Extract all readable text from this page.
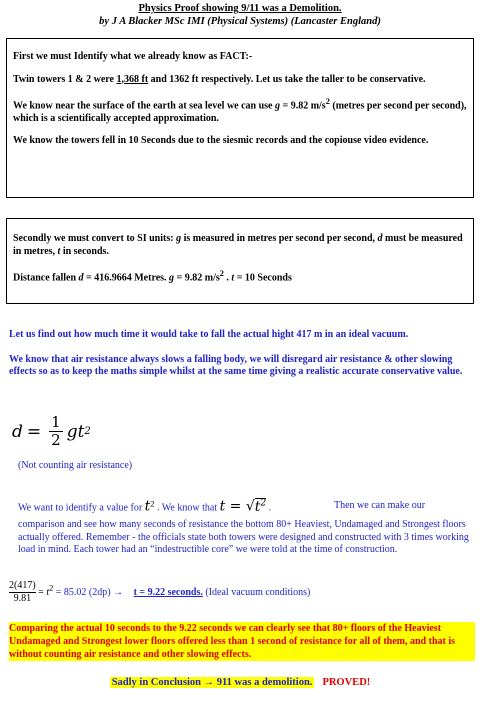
Physics Proof showing 9/11 was a Demolition.
by J A Blacker MSc IMI (Physical Systems) (Lancaster England)

First we must Identify what we already know as FACT:-

Twin towers 1 & 2 were 1,368 ft and 1362 ft respectively. Let us take the taller to be conservative.

We know near the surface of the earth at sea level we can use g = 9.82 $m/s^2$ (metres per second per second), which is a scientifically accepted approximation.

We know the towers fell in 10 Seconds due to the siesmic records and the copiouse video evidence.

Secondly we must convert to SI units: g is measured in metres per second per second, d must be measured in metres, t in seconds.

Distance fallen d = 416.9664 Metres. g = 9.82 $m/s^2$ . t = 10 Seconds

Let us find out how much time it would take to fall the actual hight 417 m in an ideal vacuum.
We know that air resistance always slows a falling body, we will disregard air resistance & other slowing effects so as to keep the maths simple whilst at the same time giving a realistic accurate conservative value.
$d = \frac{1}{2}$ gt 2
(Not counting air resistance)
We want to identify a value for $t^2$ . We know that $t = √t^2$ .	Then we can make our
comparison and see how many seconds of resistance the bottom 80+ Heaviest, Undamaged and Strongest floors actually offered. Remember - the officials state both towers were designed and constructed with 3 times working load in mind. Each tower had an “indestructible core” we were told at the time of construction.
$\frac{2(417)}{9.81} = t^2 = 85.02$ (2dp) → t = 9.22 seconds. (Ideal vacuum conditions)
Comparing the actual 10 seconds to the 9.22 seconds we can clearly see that 80+ floors of the Heaviest Undamaged and Strongest lower floors offered less than 1 second of resistance for all of them, and that is without counting air resistance and other slowing effects.
Sadly in Conclusion → 911 was a demolition. PROVED!
